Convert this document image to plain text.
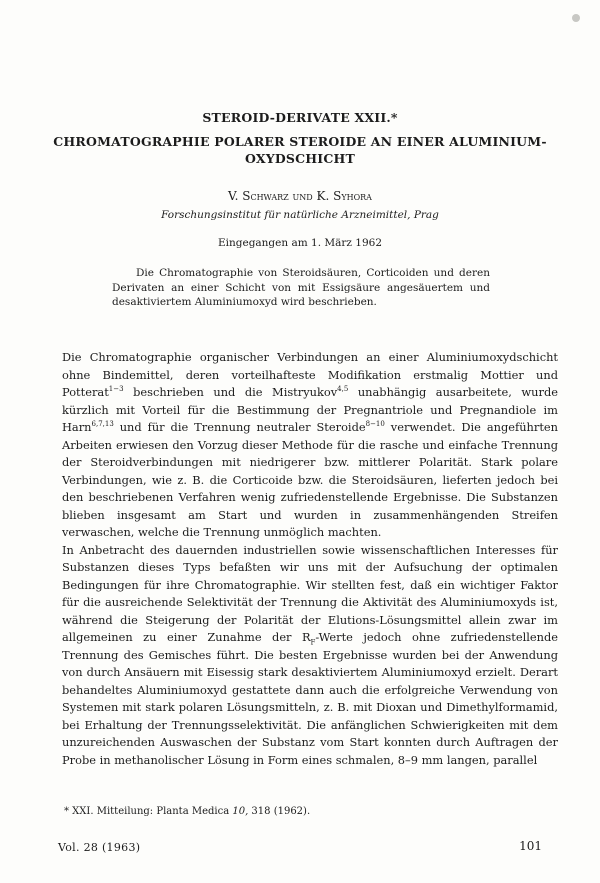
STEROID-DERIVATE XXII.*
CHROMATOGRAPHIE POLARER STEROIDE AN EINER ALUMINIUM-
OXYDSCHICHT
V. Schwarz und K. Syhora
Forschungsinstitut für natürliche Arzneimittel, Prag
Eingegangen am 1. März 1962
Die Chromatographie von Steroidsäuren, Corticoiden und deren Derivaten an einer Schicht von mit Essigsäure angesäuertem und desaktiviertem Aluminiumoxyd wird beschrieben.

Die Chromatographie organischer Verbindungen an einer Aluminiumoxydschicht ohne Bindemittel, deren vorteilhafteste Modifikation erstmalig Mottier und Potterat$^{1-3}$ beschrieben und die Mistryukov$^{4,5}$ unabhängig ausarbeitete, wurde kürzlich mit Vorteil für die Bestimmung der Pregnantriole und Pregnandiole im Harn$^{6,7,13}$ und für die Trennung neutraler Steroide$^{8-10}$ verwendet. Die angeführten Arbeiten erwiesen den Vorzug dieser Methode für die rasche und einfache Trennung der Steroidverbindungen mit niedrigerer bzw. mittlerer Polarität. Stark polare Verbindungen, wie z. B. die Corticoide bzw. die Steroidsäuren, lieferten jedoch bei den beschriebenen Verfahren wenig zufriedenstellende Ergebnisse. Die Substanzen blieben insgesamt am Start und wurden in zusammenhängenden Streifen verwaschen, welche die Trennung unmöglich machten.

In Anbetracht des dauernden industriellen sowie wissenschaftlichen Interesses für Substanzen dieses Typs befaßten wir uns mit der Aufsuchung der optimalen Bedingungen für ihre Chromatographie. Wir stellten fest, daß ein wichtiger Faktor für die ausreichende Selektivität der Trennung die Aktivität des Aluminiumoxyds ist, während die Steigerung der Polarität der Elutions-Lösungsmittel allein zwar im allgemeinen zu einer Zunahme der $R_F$-Werte jedoch ohne zufriedenstellende Trennung des Gemisches führt. Die besten Ergebnisse wurden bei der Anwendung von durch Ansäuern mit Eisessig stark desaktiviertem Aluminiumoxyd erzielt. Derart behandeltes Aluminiumoxyd gestattete dann auch die erfolgreiche Verwendung von Systemen mit stark polaren Lösungsmitteln, z. B. mit Dioxan und Dimethylformamid, bei Erhaltung der Trennungsselektivität. Die anfänglichen Schwierigkeiten mit dem unzureichenden Auswaschen der Substanz vom Start konnten durch Auftragen der Probe in methanolischer Lösung in Form eines schmalen, 8–9 mm langen, parallel

* XXI. Mitteilung: Planta Medica 10, 318 (1962).
Vol. 28 (1963)	101
